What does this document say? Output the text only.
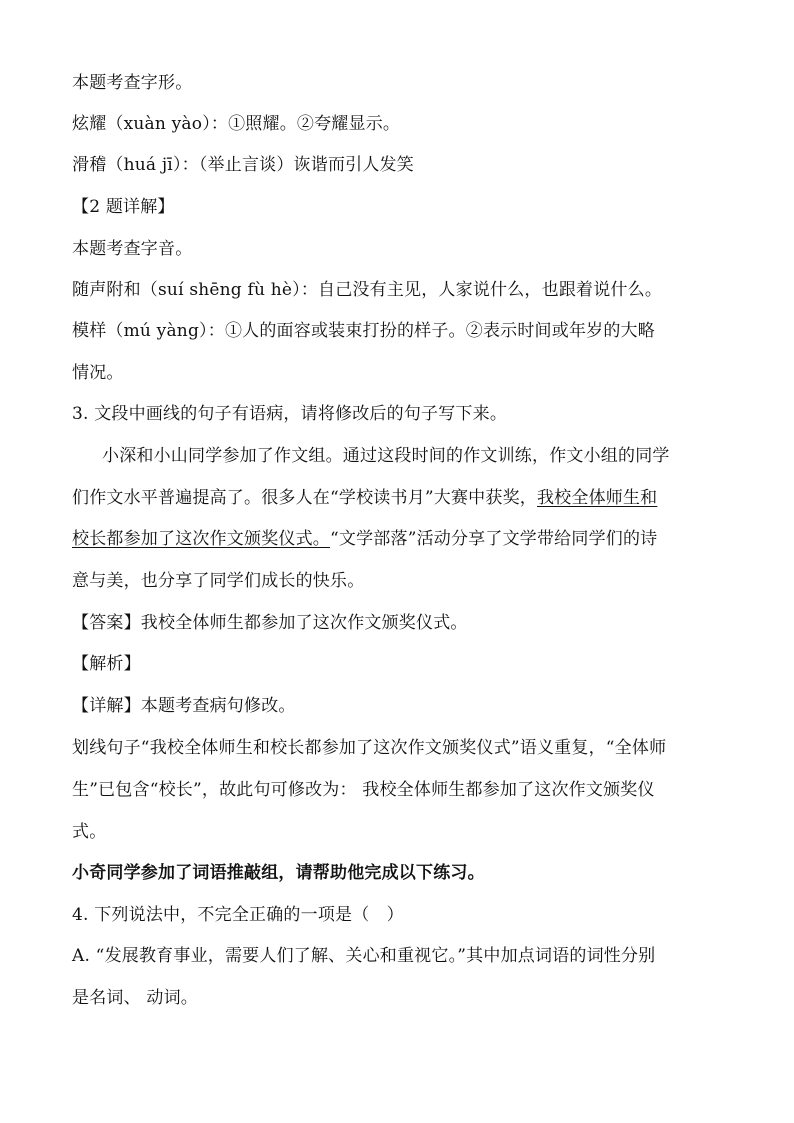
本题考查字形。
炫耀（xuàn yào）：①照耀。②夸耀显示。
滑稽（huá jī）：（举止言谈）诙谐而引人发笑
【2 题详解】
本题考查字音。
随声附和（suí shēng fù hè）：自己没有主见，人家说什么，也跟着说什么。
模样（mú yàng）：①人的面容或装束打扮的样子。②表示时间或年岁的大略
情况。
3. 文段中画线的句子有语病，请将修改后的句子写下来。
小深和小山同学参加了作文组。通过这段时间的作文训练，作文小组的同学
们作文水平普遍提高了。很多人在“学校读书月”大赛中获奖，我校全体师生和
校长都参加了这次作文颁奖仪式。“文学部落”活动分享了文学带给同学们的诗
意与美，也分享了同学们成长的快乐。
【答案】我校全体师生都参加了这次作文颁奖仪式。
【解析】
【详解】本题考查病句修改。
划线句子“我校全体师生和校长都参加了这次作文颁奖仪式”语义重复，“全体师
生”已包含“校长”，故此句可修改为： 我校全体师生都参加了这次作文颁奖仪
式。
小奇同学参加了词语推敲组，请帮助他完成以下练习。
4. 下列说法中，不完全正确的一项是（　）
A. “发展教育事业，需要人们了解、关心和重视它。”其中加点词语的词性分别
是名词、 动词。
